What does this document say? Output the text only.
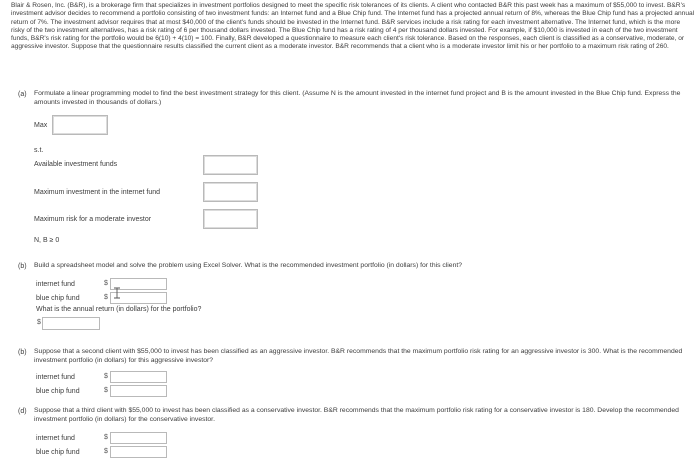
Blair & Rosen, Inc. (B&R), is a brokerage firm that specializes in investment portfolios designed to meet the specific risk tolerances of its clients. A client who contacted B&R this past week has a maximum of $55,000 to invest. B&R's investment advisor decides to recommend a portfolio consisting of two investment funds: an Internet fund and a Blue Chip fund. The Internet fund has a projected annual return of 8%, whereas the Blue Chip fund has a projected annual return of 7%. The investment advisor requires that at most $40,000 of the client's funds should be invested in the Internet fund. B&R services include a risk rating for each investment alternative. The Internet fund, which is the more risky of the two investment alternatives, has a risk rating of 6 per thousand dollars invested. The Blue Chip fund has a risk rating of 4 per thousand dollars invested. For example, if $10,000 is invested in each of the two investment funds, B&R's risk rating for the portfolio would be 6(10) + 4(10) = 100. Finally, B&R developed a questionnaire to measure each client's risk tolerance. Based on the responses, each client is classified as a conservative, moderate, or aggressive investor. Suppose that the questionnaire results classified the current client as a moderate investor. B&R recommends that a client who is a moderate investor limit his or her portfolio to a maximum risk rating of 260.

(a) Formulate a linear programming model to find the best investment strategy for this client. (Assume N is the amount invested in the internet fund project and B is the amount invested in the Blue Chip fund. Express the amounts invested in thousands of dollars.)
Max
s.t.
Available investment funds
Maximum investment in the internet fund
Maximum risk for a moderate investor
N, B ≥ 0
(b) Build a spreadsheet model and solve the problem using Excel Solver. What is the recommended investment portfolio (in dollars) for this client?
internet fund	$
blue chip fund	$
What is the annual return (in dollars) for the portfolio?
$
(b) Suppose that a second client with $55,000 to invest has been classified as an aggressive investor. B&R recommends that the maximum portfolio risk rating for an aggressive investor is 300. What is the recommended investment portfolio (in dollars) for this aggressive investor?
internet fund	$
blue chip fund	$
(d) Suppose that a third client with $55,000 to invest has been classified as a conservative investor. B&R recommends that the maximum portfolio risk rating for a conservative investor is 180. Develop the recommended investment portfolio (in dollars) for the conservative investor.
internet fund	$
blue chip fund	$
